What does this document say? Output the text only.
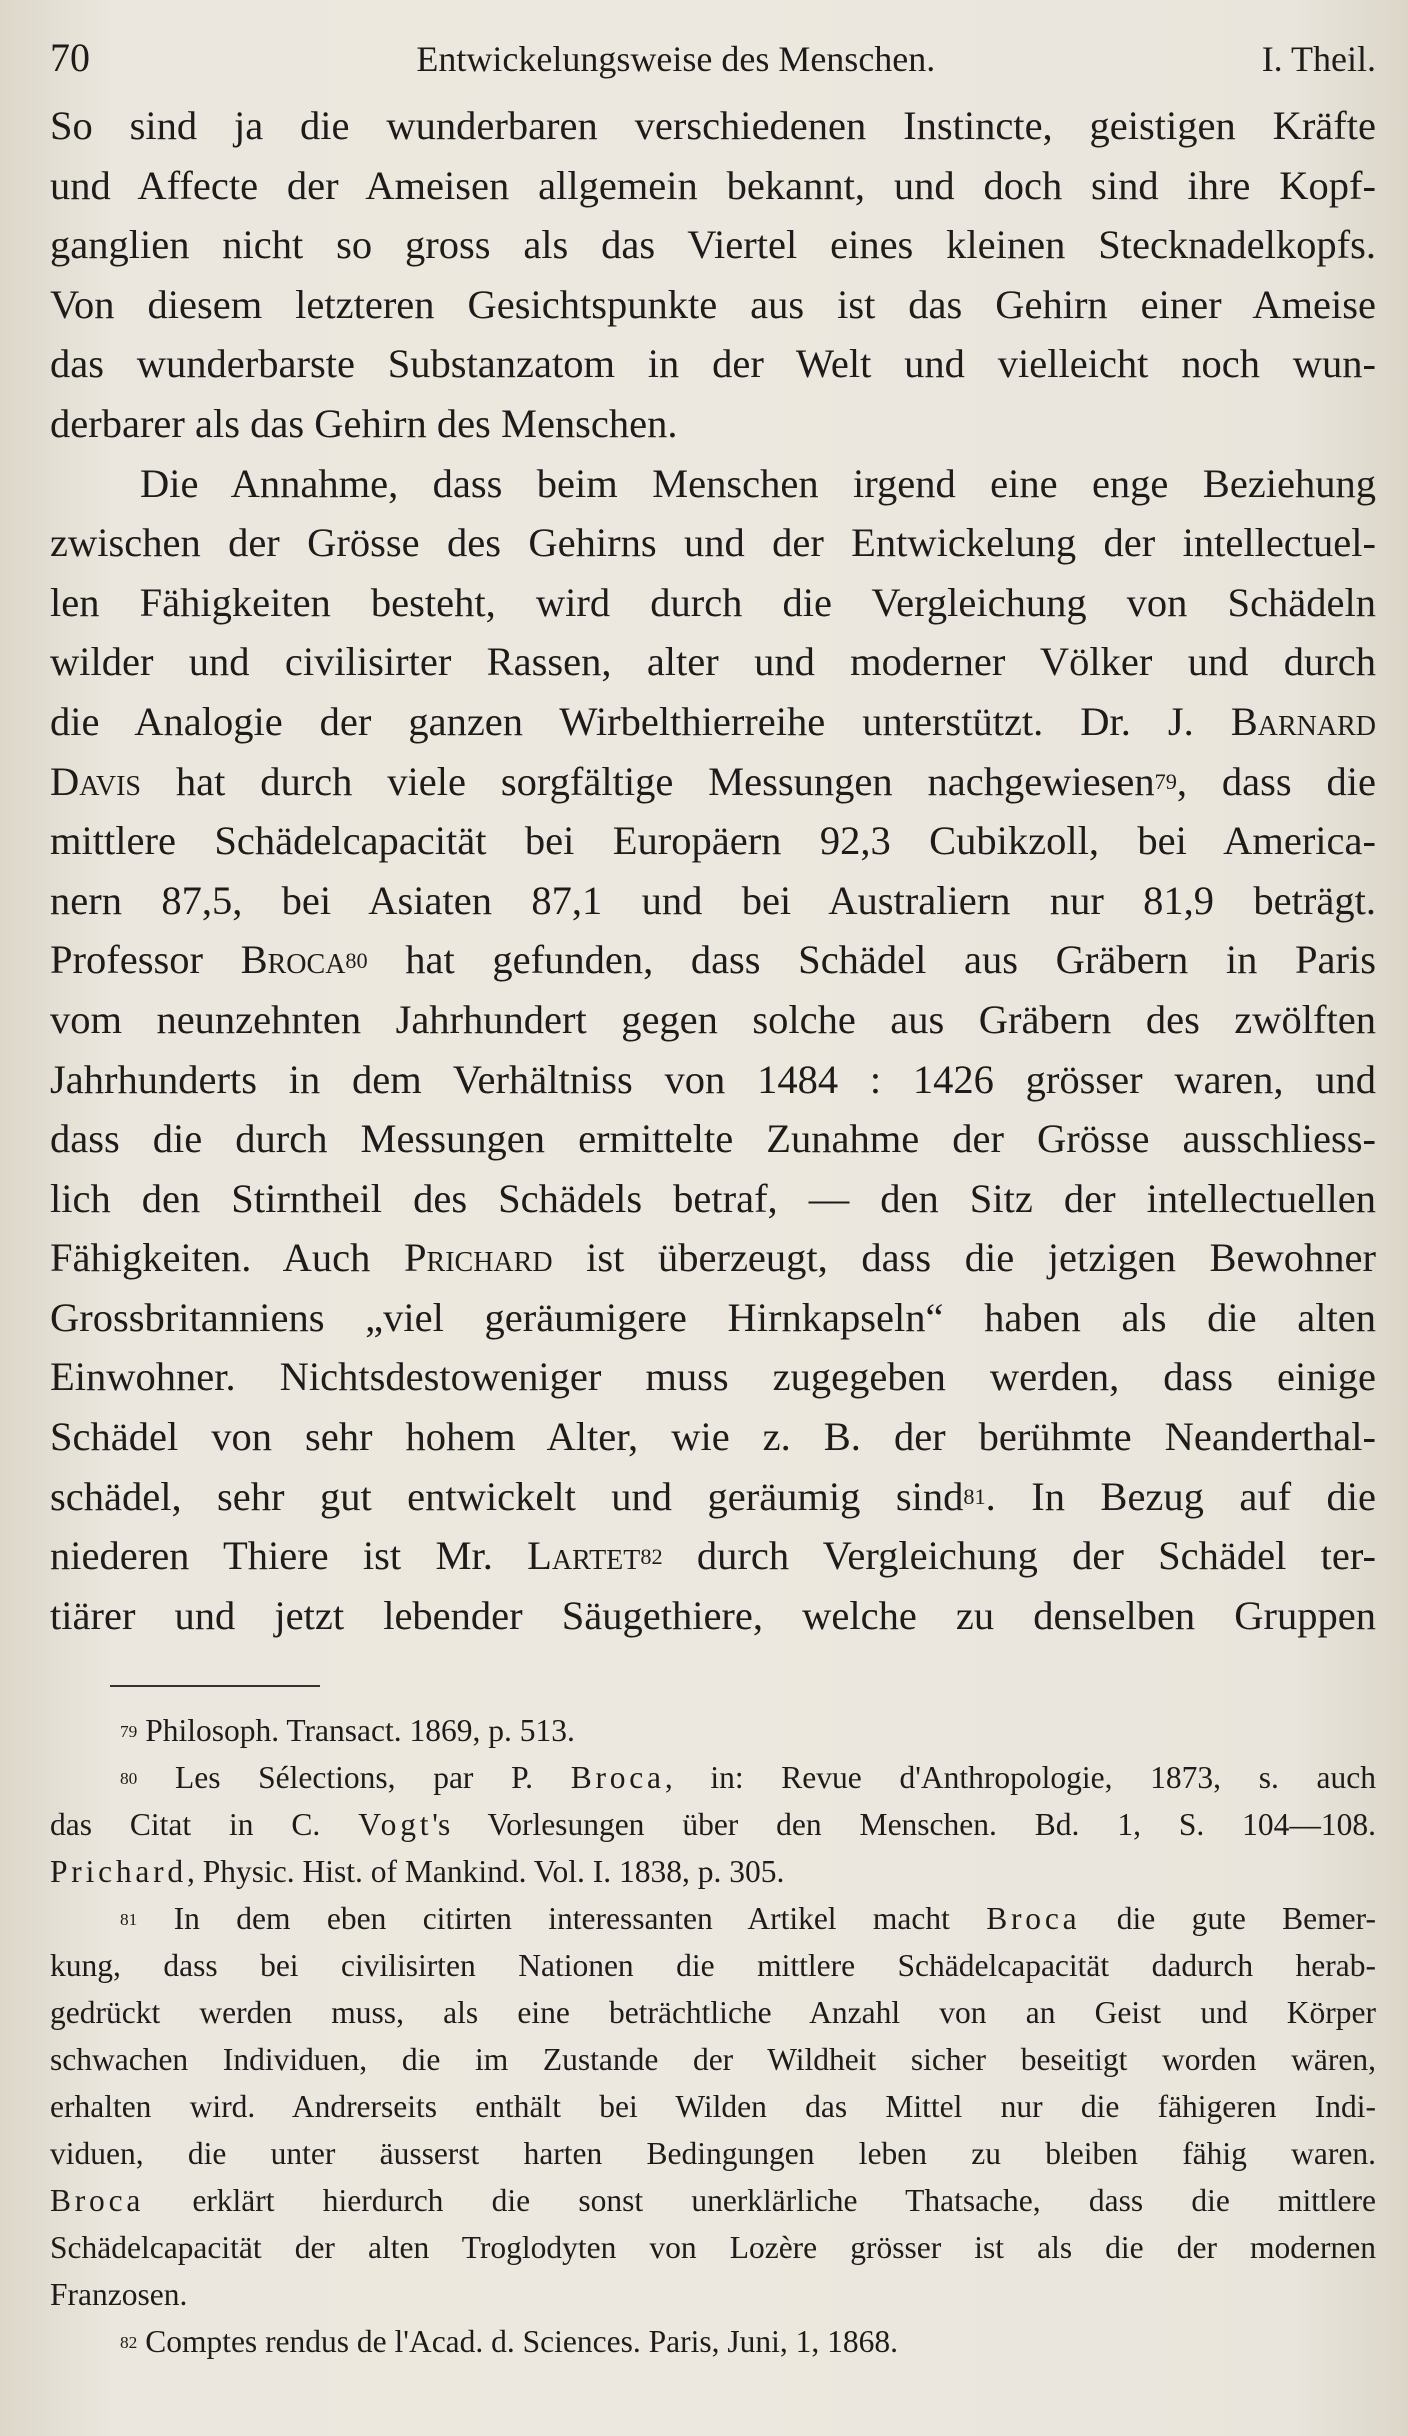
70	Entwickelungsweise des Menschen.	I. Theil.
So sind ja die wunderbaren verschiedenen Instincte, geistigen Kräfte
und Affecte der Ameisen allgemein bekannt, und doch sind ihre Kopf-
ganglien nicht so gross als das Viertel eines kleinen Stecknadelkopfs.
Von diesem letzteren Gesichtspunkte aus ist das Gehirn einer Ameise
das wunderbarste Substanzatom in der Welt und vielleicht noch wun-
derbarer als das Gehirn des Menschen.
Die Annahme, dass beim Menschen irgend eine enge Beziehung
zwischen der Grösse des Gehirns und der Entwickelung der intellectuel-
len Fähigkeiten besteht, wird durch die Vergleichung von Schädeln
wilder und civilisirter Rassen, alter und moderner Völker und durch
die Analogie der ganzen Wirbelthierreihe unterstützt. Dr. J. Barnard
Davis hat durch viele sorgfältige Messungen nachgewiesen$^{79}$, dass die
mittlere Schädelcapacität bei Europäern 92,3 Cubikzoll, bei America-
nern 87,5, bei Asiaten 87,1 und bei Australiern nur 81,9 beträgt.
Professor Broca$^{80}$ hat gefunden, dass Schädel aus Gräbern in Paris
vom neunzehnten Jahrhundert gegen solche aus Gräbern des zwölften
Jahrhunderts in dem Verhältniss von 1484 : 1426 grösser waren, und
dass die durch Messungen ermittelte Zunahme der Grösse ausschliess-
lich den Stirntheil des Schädels betraf, — den Sitz der intellectuellen
Fähigkeiten. Auch Prichard ist überzeugt, dass die jetzigen Bewohner
Grossbritanniens „viel geräumigere Hirnkapseln“ haben als die alten
Einwohner. Nichtsdestoweniger muss zugegeben werden, dass einige
Schädel von sehr hohem Alter, wie z. B. der berühmte Neanderthal-
schädel, sehr gut entwickelt und geräumig sind$^{81}$. In Bezug auf die
niederen Thiere ist Mr. Lartet$^{82}$ durch Vergleichung der Schädel ter-
tiärer und jetzt lebender Säugethiere, welche zu denselben Gruppen
$^{79}$ Philosoph. Transact. 1869, p. 513.
$^{80}$ Les Sélections, par P. Broca, in: Revue d'Anthropologie, 1873, s. auch
das Citat in C. Vogt's Vorlesungen über den Menschen. Bd. 1, S. 104—108.
Prichard, Physic. Hist. of Mankind. Vol. I. 1838, p. 305.
$^{81}$ In dem eben citirten interessanten Artikel macht Broca die gute Bemer-
kung, dass bei civilisirten Nationen die mittlere Schädelcapacität dadurch herab-
gedrückt werden muss, als eine beträchtliche Anzahl von an Geist und Körper
schwachen Individuen, die im Zustande der Wildheit sicher beseitigt worden wären,
erhalten wird. Andrerseits enthält bei Wilden das Mittel nur die fähigeren Indi-
viduen, die unter äusserst harten Bedingungen leben zu bleiben fähig waren.
Broca erklärt hierdurch die sonst unerklärliche Thatsache, dass die mittlere
Schädelcapacität der alten Troglodyten von Lozère grösser ist als die der modernen
Franzosen.
$^{82}$ Comptes rendus de l'Acad. d. Sciences. Paris, Juni, 1, 1868.
